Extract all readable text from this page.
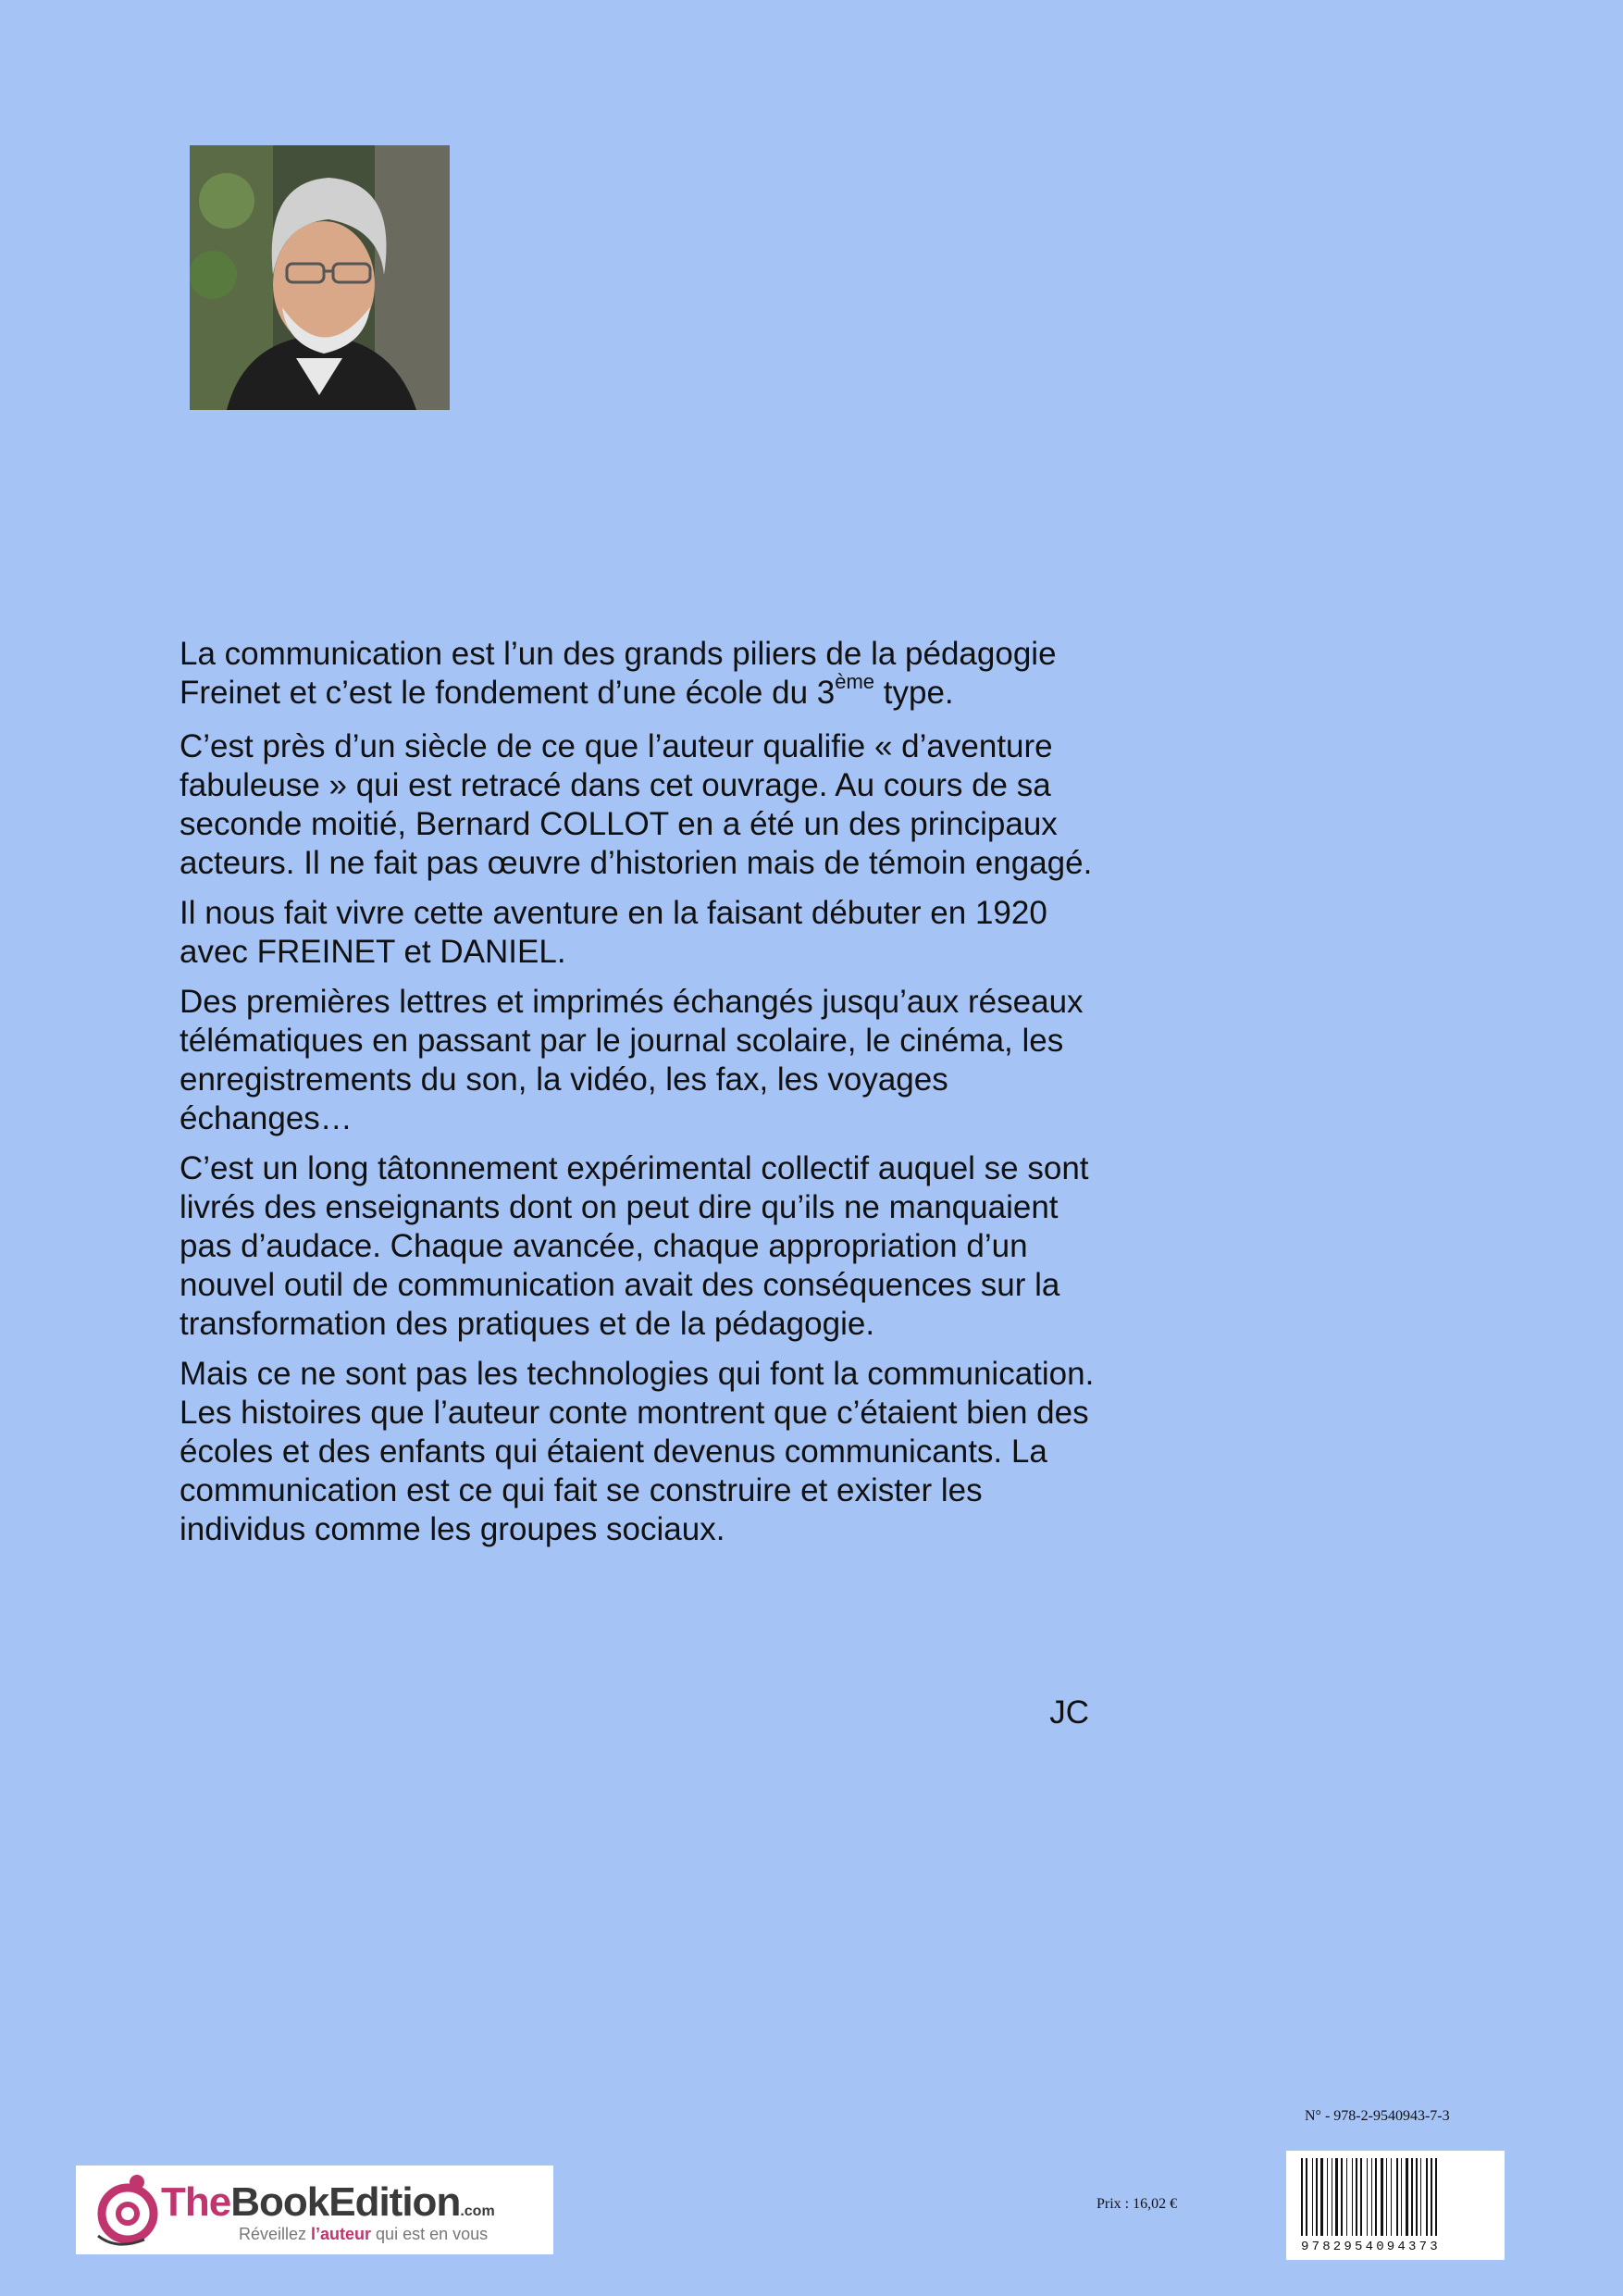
La communication est l’un des grands piliers de la pédagogie Freinet et c’est le fondement d’une école du 3ème type.

C’est près d’un siècle de ce que l’auteur qualifie « d’aventure fabuleuse » qui est retracé dans cet ouvrage. Au cours de sa seconde moitié, Bernard COLLOT en a été un des principaux acteurs. Il ne fait pas œuvre d’historien mais de témoin engagé.

Il nous fait vivre cette aventure en la faisant débuter en 1920 avec FREINET et DANIEL.

Des premières lettres et imprimés échangés jusqu’aux réseaux télématiques en passant par le journal scolaire, le cinéma, les enregistrements du son, la vidéo, les fax, les voyages échanges…

C’est un long tâtonnement expérimental collectif auquel se sont livrés des enseignants dont on peut dire qu’ils ne manquaient pas d’audace. Chaque avancée, chaque appropriation d’un nouvel outil de communication avait des conséquences sur la transformation des pratiques et de la pédagogie.

Mais ce ne sont pas les technologies qui font la communication. Les histoires que l’auteur conte montrent que c’étaient bien des écoles et des enfants qui étaient devenus communicants. La communication est ce qui fait se construire et exister les individus comme les groupes sociaux.

JC
N° - 978-2-9540943-7-3
Prix : 16,02 €
TheBookEdition.com
Réveillez l’auteur qui est en vous
9782954094373
